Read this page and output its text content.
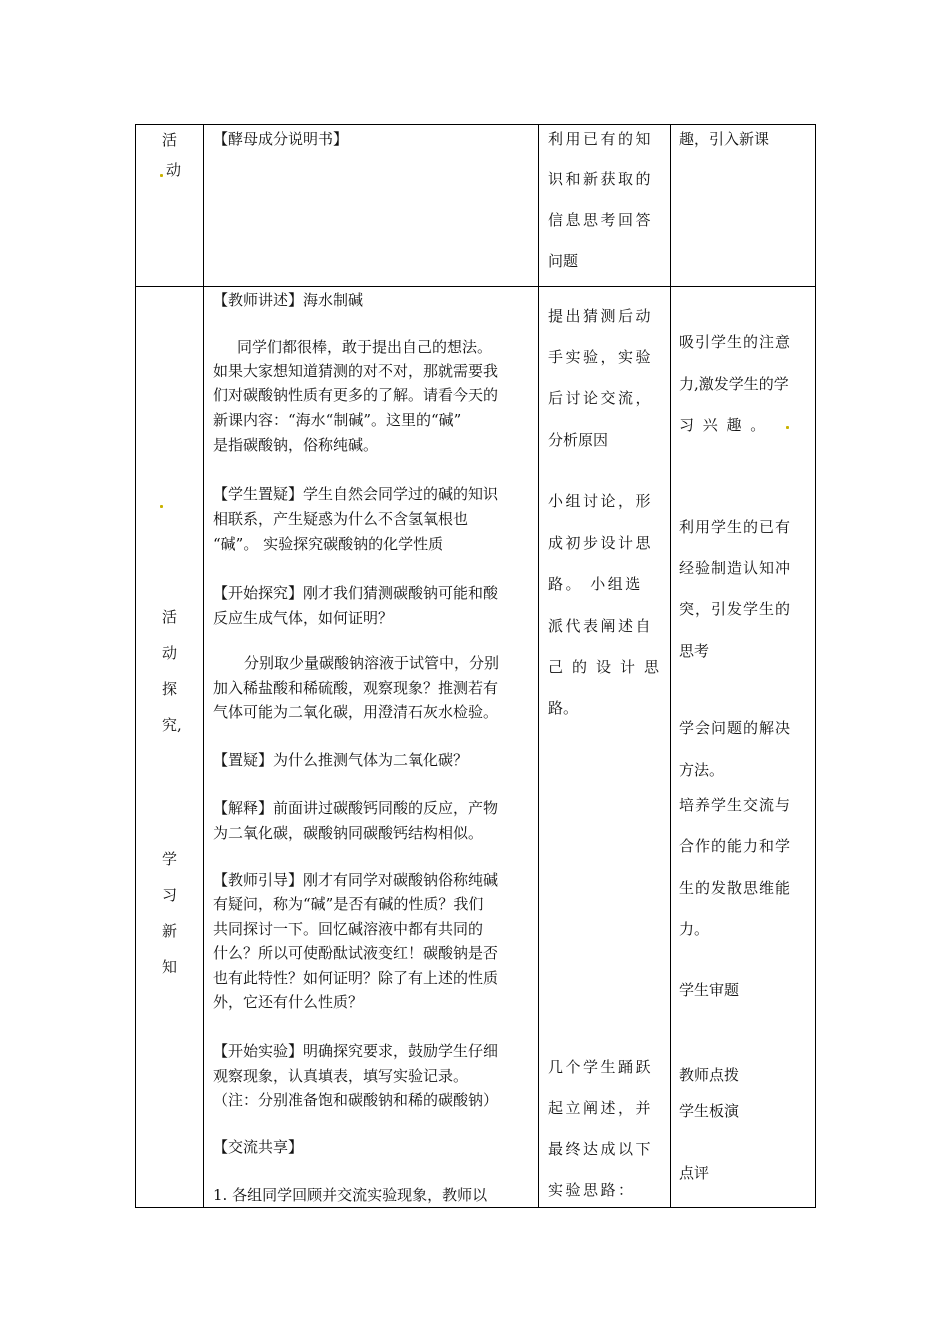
活
动
【酵母成分说明书】	利用已有的知
识和新获取的
信息思考回答
问题
趣，引入新课
活
动
探
究,
学
习
新
知
【教师讲述】海水制碱
同学们都很棒，敢于提出自己的想法。
如果大家想知道猜测的对不对，那就需要我
们对碳酸钠性质有更多的了解。请看今天的
新课内容：“海水“制碱”。这里的“碱”
是指碳酸钠，俗称纯碱。
【学生置疑】学生自然会同学过的碱的知识
相联系，产生疑惑为什么不含氢氧根也
“碱”。 实验探究碳酸钠的化学性质
【开始探究】刚才我们猜测碳酸钠可能和酸
反应生成气体，如何证明？
分别取少量碳酸钠溶液于试管中，分别
加入稀盐酸和稀硫酸，观察现象？推测若有
气体可能为二氧化碳，用澄清石灰水检验。
【置疑】为什么推测气体为二氧化碳？
【解释】前面讲过碳酸钙同酸的反应，产物
为二氧化碳，碳酸钠同碳酸钙结构相似。
【教师引导】刚才有同学对碳酸钠俗称纯碱
有疑问，称为“碱”是否有碱的性质？我们
共同探讨一下。回忆碱溶液中都有共同的
什么？所以可使酚酞试液变红！碳酸钠是否
也有此特性？如何证明？除了有上述的性质
外，它还有什么性质？
【开始实验】明确探究要求，鼓励学生仔细
观察现象，认真填表，填写实验记录。
（注：分别准备饱和碳酸钠和稀的碳酸钠）
【交流共享】
1. 各组同学回顾并交流实验现象，教师以
提出猜测后动
手实验，实验
后讨论交流，
分析原因
小组讨论，形
成初步设计思
路。 小组选
派代表阐述自
己的设计思
路。
几个学生踊跃
起立阐述，并
最终达成以下
实验思路：
吸引学生的注意
力,激发学生的学
习 兴 趣 。
利用学生的已有
经验制造认知冲
突，引发学生的
思考
学会问题的解决
方法。
培养学生交流与
合作的能力和学
生的发散思维能
力。
学生审题
教师点拨
学生板演
点评
